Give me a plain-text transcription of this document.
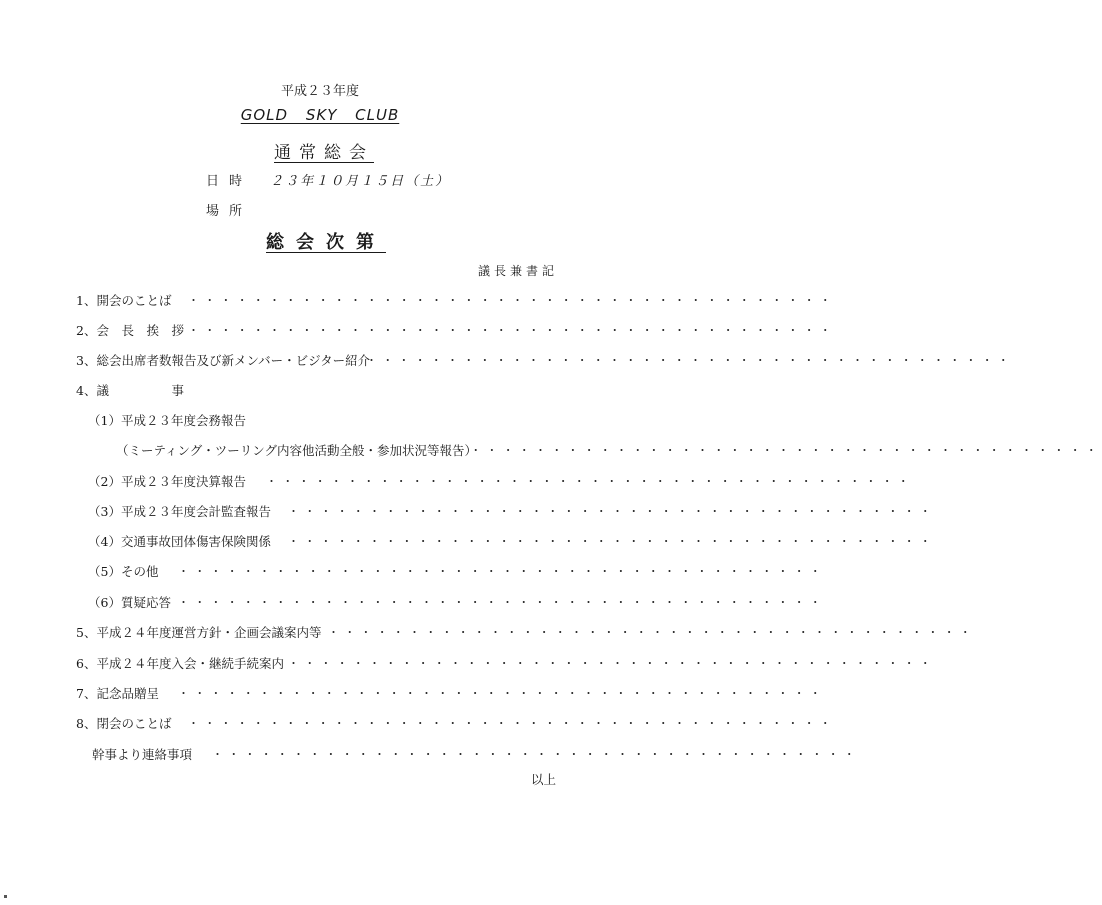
平成２３年度
GOLD SKY CLUB
通常総会
日時 ２３年１０月１５日（土）
場所
総会次第
議長兼書記
1、開会のことば ・・・・・・・・・・・・・・・・・・・・・・・・・・・・・・・・・・・・・・・・
2、会　長　挨　拶 ・・・・・・・・・・・・・・・・・・・・・・・・・・・・・・・・・・・・・・・・
3、総会出席者数報告及び新メンバー・ビジター紹介
・・・・・・・・・・・・・・・・・・・・・・・・・・・・・・・・・・・・・・・・
4、議　　　　　事
（1）平成２３年度会務報告
（ミーティング・ツーリング内容他活動全般・参加状況等報告）
・・・・・・・・・・・・・・・・・・・・・・・・・・・・・・・・・・・・・・・・
（2）平成２３年度決算報告 ・・・・・・・・・・・・・・・・・・・・・・・・・・・・・・・・・・・・・・・・
（3）平成２３年度会計監査報告 ・・・・・・・・・・・・・・・・・・・・・・・・・・・・・・・・・・・・・・・・
（4）交通事故団体傷害保険関係 ・・・・・・・・・・・・・・・・・・・・・・・・・・・・・・・・・・・・・・・・
（5）その他 ・・・・・・・・・・・・・・・・・・・・・・・・・・・・・・・・・・・・・・・・
（6）質疑応答 ・・・・・・・・・・・・・・・・・・・・・・・・・・・・・・・・・・・・・・・・
5、平成２４年度運営方針・企画会議案内等 ・・・・・・・・・・・・・・・・・・・・・・・・・・・・・・・・・・・・・・・・
6、平成２４年度入会・継続手続案内 ・・・・・・・・・・・・・・・・・・・・・・・・・・・・・・・・・・・・・・・・
7、記念品贈呈 ・・・・・・・・・・・・・・・・・・・・・・・・・・・・・・・・・・・・・・・・
8、閉会のことば ・・・・・・・・・・・・・・・・・・・・・・・・・・・・・・・・・・・・・・・・
幹事より連絡事項 ・・・・・・・・・・・・・・・・・・・・・・・・・・・・・・・・・・・・・・・・
以上
